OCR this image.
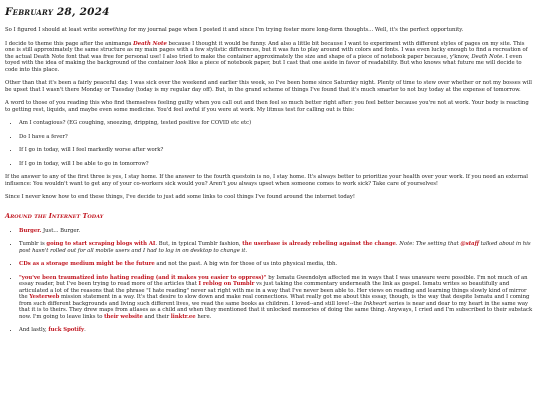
February 28, 2024

So I figured I should at least write something for my journal page when I posted it and since I'm trying foster more long-form thoughts... Well, it's the perfect opportunity.

I decide to theme this page after the animanga Death Note because I thought it would be funny. And also a little bit because I want to experiment with different styles of pages on my site. This one is still approximately the same structure as my main pages with a few stylistic differences, but it was fun to play around with colors and fonts. I was even lucky enough to find a recreation of the actual Death Note font that was free for personal use! I also tried to make the container approximately the size and shape of a piece of notebook paper because, y'know, Death Note. I even toyed with the idea of making the background of the container look like a piece of notebook paper, but I cast that one aside in favor of readability. But who knows what future me will decide to code into this place.

Other than that it's been a fairly peaceful day. I was sick over the weekend and earlier this week, so I've been home since Saturday night. Plenty of time to stew over whether or not my bosses will be upset that I wasn't there Monday or Tuesday (today is my regular day off). But, in the grand scheme of things I've found that it's much smarter to not buy today at the expense of tomorrow.

A word to those of you reading this who find themselves feeling guilty when you call out and then feel so much better right after: you feel better because you're not at work. Your body is reacting to getting rest, liquids, and maybe even some medicine. You'd feel awful if you were at work. My litmus test for calling out is this:

• Am I contagious? (EG coughing, sneezing, dripping, tested positive for COVID etc etc)
• Do I have a fever?
• If I go in today, will I feel markedly worse after work?
• If I go in today, will I be able to go in tomorrow?

If the answer to any of the first three is yes, I stay home. If the answer to the fourth questoin is no, I stay home. It's always better to prioritize your health over your work. If you need an external influence: You wouldn't want to get any of your co-workers sick would you? Aren't you always upset when someone comes to work sick? Take care of yourselves!

Since I never know how to end these things, I've decide to just add some links to cool things I've found around the internet today!

Around the Internet Today
• Burger. Just... Burger.
• Tumblr is going to start scraping blogs with AI. But, in typical Tumblr fashion, the userbase is already rebeling against the change. Note: The setting that @staff talked about in his post hasn't rolled out for all mobile users and I had to log in on desktop to change it.
• CDs as a storage medium might be the future and not the past. A big win for those of us into physical media, tbh.
• "you've been traumatized into hating reading (and it makes you easier to oppress)" by Ismatu Gwendolyn affected me in ways that I was unaware were possible. I'm not much of an essay reader, but I've been trying to read more of the articles that I reblog on Tumblr vs just taking the commentary underneath the link as gospel. Ismatu writes so beautifully and articulated a lot of the reasons that the phrase "I hate reading" never sat right with me in a way that I've never been able to. Her views on reading and learning things slowly kind of mirror the Yesterweb mission statement in a way. It's that desire to slow down and make real connections. What really got me about this essay, though, is the way that despite Ismatu and I coming from such different backgrounds and living such different lives, we read the same books as children. I loved--and still love!--the Inkheart series is near and dear to my heart in the same way that it is to theirs. They drew maps from atlases as a child and when they mentioned that it unlocked memories of doing the same thing. Anyways, I cried and I'm subscribed to their substack now. I'm going to leave links to their website and their linktr.ee here.
• And lastly, fuck Spotify.
